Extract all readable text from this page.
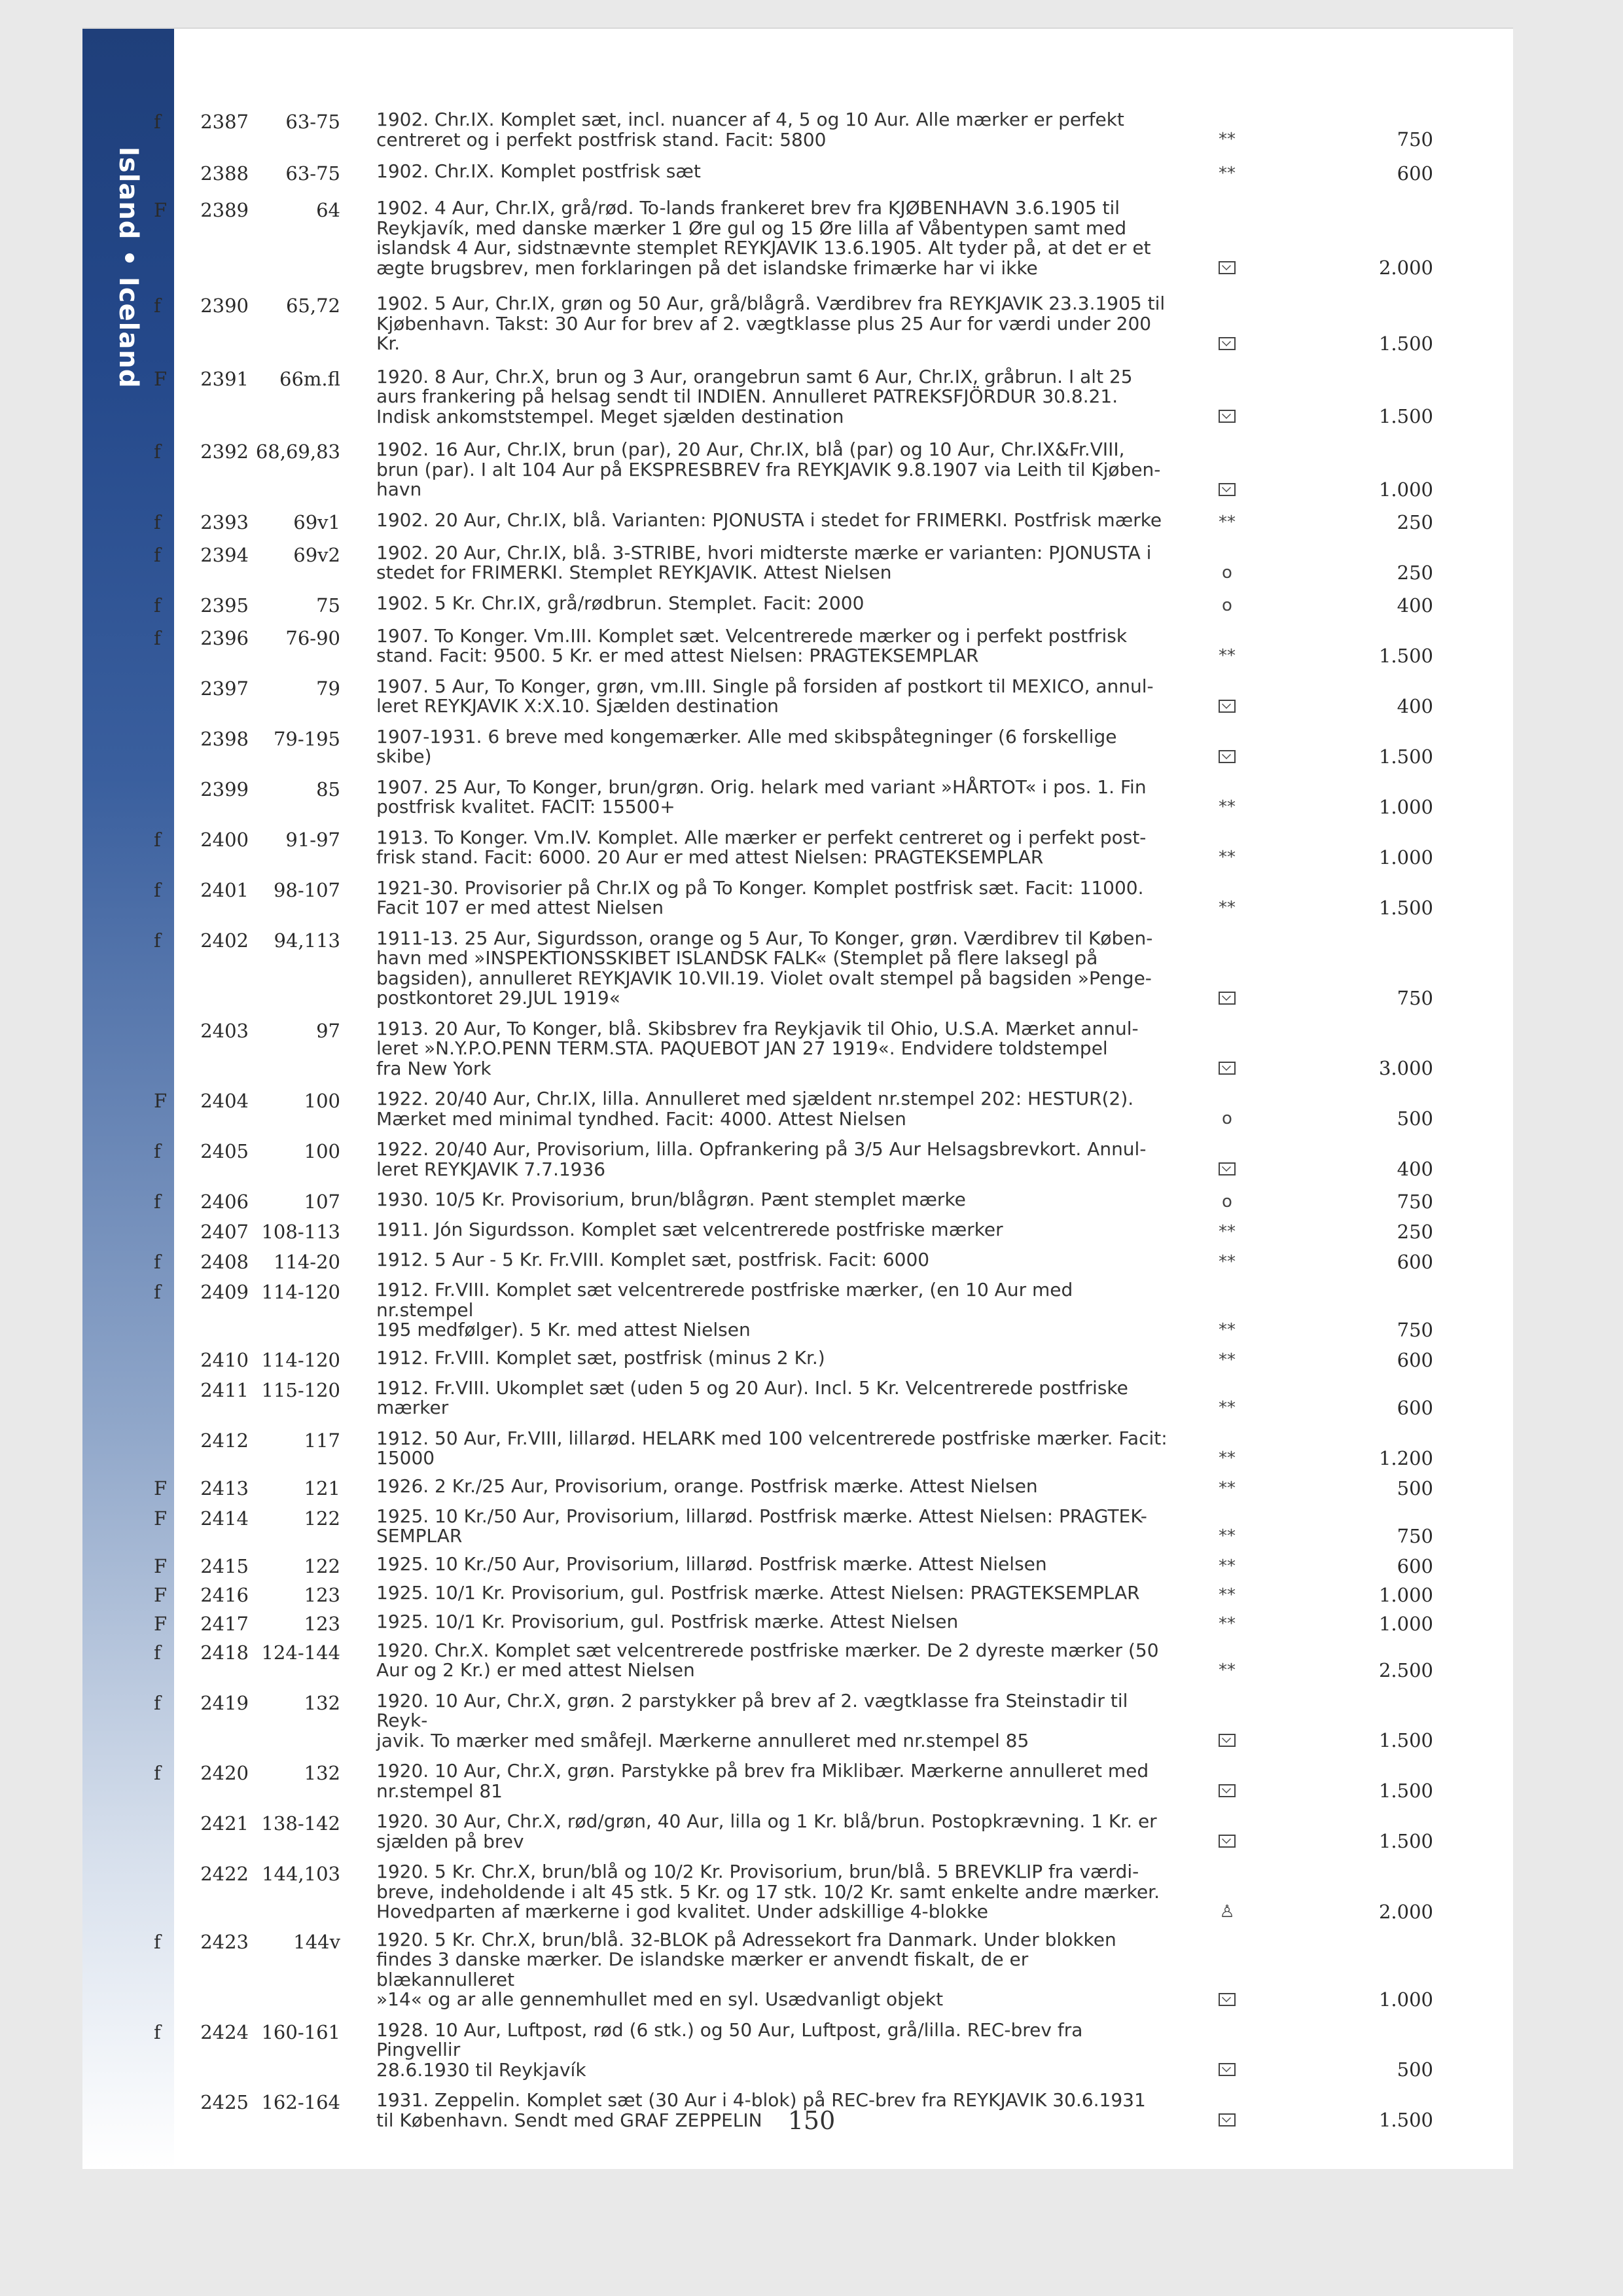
Island • Iceland
f	2387	63-75 1902. Chr.IX. Komplet sæt, incl. nuancer af 4, 5 og 10 Aur. Alle mærker er perfekt
centreret og i perfekt postfrisk stand. Facit: 5800	**	750
2388	63-75 1902. Chr.IX. Komplet postfrisk sæt	**	600
F	2389	64 1902. 4 Aur, Chr.IX, grå/rød. To-lands frankeret brev fra KJØBENHAVN 3.6.1905 til
Reykjavík, med danske mærker 1 Øre gul og 15 Øre lilla af Våbentypen samt med
islandsk 4 Aur, sidstnævnte stemplet REYKJAVIK 13.6.1905. Alt tyder på, at det er et
ægte brugsbrev, men forklaringen på det islandske frimærke har vi ikke	2.000
f	2390	65,72 1902. 5 Aur, Chr.IX, grøn og 50 Aur, grå/blågrå. Værdibrev fra REYKJAVIK 23.3.1905 til
Kjøbenhavn. Takst: 30 Aur for brev af 2. vægtklasse plus 25 Aur for værdi under 200 Kr.	1.500
F	2391	66m.fl 1920. 8 Aur, Chr.X, brun og 3 Aur, orangebrun samt 6 Aur, Chr.IX, gråbrun. I alt 25
aurs frankering på helsag sendt til INDIEN. Annulleret PATREKSFJÖRDUR 30.8.21.
Indisk ankomststempel. Meget sjælden destination	1.500
f	2392 68,69,83 1902. 16 Aur, Chr.IX, brun (par), 20 Aur, Chr.IX, blå (par) og 10 Aur, Chr.IX&Fr.VIII,
brun (par). I alt 104 Aur på EKSPRESBREV fra REYKJAVIK 9.8.1907 via Leith til Kjøben-
havn	1.000
f	2393	69v1 1902. 20 Aur, Chr.IX, blå. Varianten: PJONUSTA i stedet for FRIMERKI. Postfrisk mærke	**	250
f	2394	69v2 1902. 20 Aur, Chr.IX, blå. 3-STRIBE, hvori midterste mærke er varianten: PJONUSTA i
stedet for FRIMERKI. Stemplet REYKJAVIK. Attest Nielsen	o	250
f	2395	75 1902. 5 Kr. Chr.IX, grå/rødbrun. Stemplet. Facit: 2000	o	400
f	2396	76-90 1907. To Konger. Vm.III. Komplet sæt. Velcentrerede mærker og i perfekt postfrisk
stand. Facit: 9500. 5 Kr. er med attest Nielsen: PRAGTEKSEMPLAR	**	1.500
2397	79 1907. 5 Aur, To Konger, grøn, vm.III. Single på forsiden af postkort til MEXICO, annul-
leret REYKJAVIK X:X.10. Sjælden destination	400
2398	79-195 1907-1931. 6 breve med kongemærker. Alle med skibspåtegninger (6 forskellige skibe)	1.500
2399	85 1907. 25 Aur, To Konger, brun/grøn. Orig. helark med variant »HÅRTOT« i pos. 1. Fin
postfrisk kvalitet. FACIT: 15500+	**	1.000
f	2400	91-97 1913. To Konger. Vm.IV. Komplet. Alle mærker er perfekt centreret og i perfekt post-
frisk stand. Facit: 6000. 20 Aur er med attest Nielsen: PRAGTEKSEMPLAR	**	1.000
f	2401	98-107 1921-30. Provisorier på Chr.IX og på To Konger. Komplet postfrisk sæt. Facit: 11000.
Facit 107 er med attest Nielsen	**	1.500
f	2402	94,113 1911-13. 25 Aur, Sigurdsson, orange og 5 Aur, To Konger, grøn. Værdibrev til Køben-
havn med »INSPEKTIONSSKIBET ISLANDSK FALK« (Stemplet på flere laksegl på
bagsiden), annulleret REYKJAVIK 10.VII.19. Violet ovalt stempel på bagsiden »Penge-
postkontoret 29.JUL 1919«	750
2403	97 1913. 20 Aur, To Konger, blå. Skibsbrev fra Reykjavik til Ohio, U.S.A. Mærket annul-
leret »N.Y.P.O.PENN TERM.STA. PAQUEBOT JAN 27 1919«. Endvidere toldstempel
fra New York	3.000
F	2404	100 1922. 20/40 Aur, Chr.IX, lilla. Annulleret med sjældent nr.stempel 202: HESTUR(2).
Mærket med minimal tyndhed. Facit: 4000. Attest Nielsen	o	500
f	2405	100 1922. 20/40 Aur, Provisorium, lilla. Opfrankering på 3/5 Aur Helsagsbrevkort. Annul-
leret REYKJAVIK 7.7.1936	400
f	2406	107 1930. 10/5 Kr. Provisorium, brun/blågrøn. Pænt stemplet mærke	o	750
2407 108-113 1911. Jón Sigurdsson. Komplet sæt velcentrerede postfriske mærker	**	250
f	2408	114-20 1912. 5 Aur - 5 Kr. Fr.VIII. Komplet sæt, postfrisk. Facit: 6000	**	600
f	2409 114-120 1912. Fr.VIII. Komplet sæt velcentrerede postfriske mærker, (en 10 Aur med nr.stempel
195 medfølger). 5 Kr. med attest Nielsen	**	750
2410 114-120 1912. Fr.VIII. Komplet sæt, postfrisk (minus 2 Kr.)	**	600
2411 115-120 1912. Fr.VIII. Ukomplet sæt (uden 5 og 20 Aur). Incl. 5 Kr. Velcentrerede postfriske
mærker	**	600
2412	117 1912. 50 Aur, Fr.VIII, lillarød. HELARK med 100 velcentrerede postfriske mærker. Facit:
15000	**	1.200
F	2413	121 1926. 2 Kr./25 Aur, Provisorium, orange. Postfrisk mærke. Attest Nielsen	**	500
F	2414	122 1925. 10 Kr./50 Aur, Provisorium, lillarød. Postfrisk mærke. Attest Nielsen: PRAGTEK-
SEMPLAR	**	750
F	2415	122 1925. 10 Kr./50 Aur, Provisorium, lillarød. Postfrisk mærke. Attest Nielsen	**	600
F	2416	123 1925. 10/1 Kr. Provisorium, gul. Postfrisk mærke. Attest Nielsen: PRAGTEKSEMPLAR	**	1.000
F	2417	123 1925. 10/1 Kr. Provisorium, gul. Postfrisk mærke. Attest Nielsen	**	1.000
f	2418 124-144 1920. Chr.X. Komplet sæt velcentrerede postfriske mærker. De 2 dyreste mærker (50
Aur og 2 Kr.) er med attest Nielsen	**	2.500
f	2419	132 1920. 10 Aur, Chr.X, grøn. 2 parstykker på brev af 2. vægtklasse fra Steinstadir til Reyk-
javik. To mærker med småfejl. Mærkerne annulleret med nr.stempel 85	1.500
f	2420	132 1920. 10 Aur, Chr.X, grøn. Parstykke på brev fra Miklibær. Mærkerne annulleret med
nr.stempel 81	1.500
2421 138-142 1920. 30 Aur, Chr.X, rød/grøn, 40 Aur, lilla og 1 Kr. blå/brun. Postopkrævning. 1 Kr. er
sjælden på brev	1.500
2422 144,103 1920. 5 Kr. Chr.X, brun/blå og 10/2 Kr. Provisorium, brun/blå. 5 BREVKLIP fra værdi-
breve, indeholdende i alt 45 stk. 5 Kr. og 17 stk. 10/2 Kr. samt enkelte andre mærker.
Hovedparten af mærkerne i god kvalitet. Under adskillige 4-blokke	♙	2.000
f	2423	144v 1920. 5 Kr. Chr.X, brun/blå. 32-BLOK på Adressekort fra Danmark. Under blokken
findes 3 danske mærker. De islandske mærker er anvendt fiskalt, de er blækannulleret
»14« og ar alle gennemhullet med en syl. Usædvanligt objekt	1.000
f	2424 160-161 1928. 10 Aur, Luftpost, rød (6 stk.) og 50 Aur, Luftpost, grå/lilla. REC-brev fra Pingvellir
28.6.1930 til Reykjavík	500
2425 162-164 1931. Zeppelin. Komplet sæt (30 Aur i 4-blok) på REC-brev fra REYKJAVIK 30.6.1931
til København. Sendt med GRAF ZEPPELIN	1.500
150
